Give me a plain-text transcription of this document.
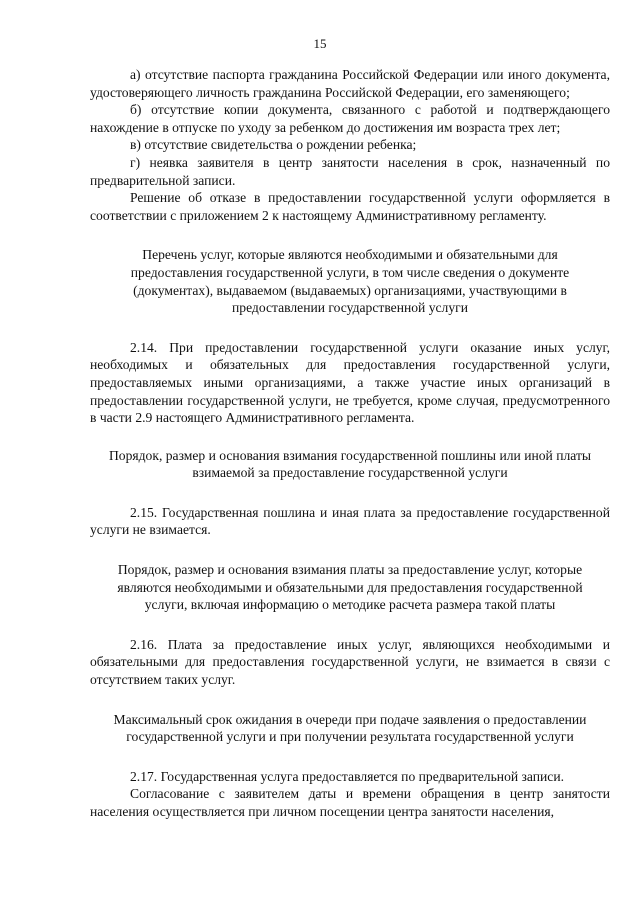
15

а) отсутствие паспорта гражданина Российской Федерации или иного документа, удостоверяющего личность гражданина Российской Федерации, его заменяющего;

б) отсутствие копии документа, связанного с работой и подтверждающего нахождение в отпуске по уходу за ребенком до достижения им возраста трех лет;

в) отсутствие свидетельства о рождении ребенка;

г) неявка заявителя в центр занятости населения в срок, назначенный по предварительной записи.

Решение об отказе в предоставлении государственной услуги оформляется в соответствии с приложением 2 к настоящему Административному регламенту.

Перечень услуг, которые являются необходимыми и обязательными для предоставления государственной услуги, в том числе сведения о документе (документах), выдаваемом (выдаваемых) организациями, участвующими в предоставлении государственной услуги

2.14. При предоставлении государственной услуги оказание иных услуг, необходимых и обязательных для предоставления государственной услуги, предоставляемых иными организациями, а также участие иных организаций в предоставлении государственной услуги, не требуется, кроме случая, предусмотренного в части 2.9 настоящего Административного регламента.

Порядок, размер и основания взимания государственной пошлины или иной платы взимаемой за предоставление государственной услуги

2.15. Государственная пошлина и иная плата за предоставление государственной услуги не взимается.

Порядок, размер и основания взимания платы за предоставление услуг, которые являются необходимыми и обязательными для предоставления государственной услуги, включая информацию о методике расчета размера такой платы

2.16. Плата за предоставление иных услуг, являющихся необходимыми и обязательными для предоставления государственной услуги, не взимается в связи с отсутствием таких услуг.

Максимальный срок ожидания в очереди при подаче заявления о предоставлении государственной услуги и при получении результата государственной услуги

2.17. Государственная услуга предоставляется по предварительной записи.

Согласование с заявителем даты и времени обращения в центр занятости населения осуществляется при личном посещении центра занятости населения,
